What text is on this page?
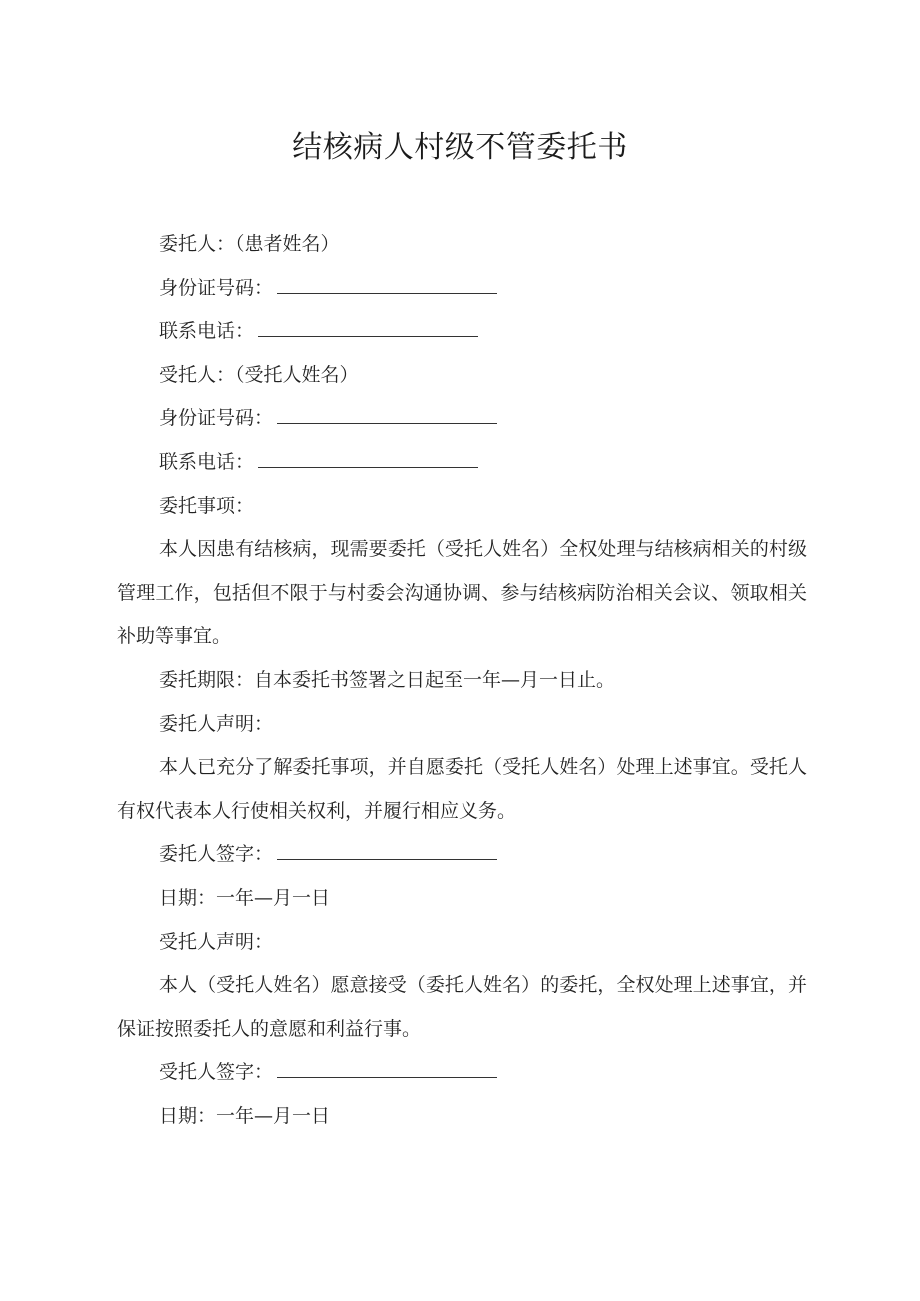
结核病人村级不管委托书

委托人：（患者姓名）

身份证号码：

联系电话：

受托人：（受托人姓名）

身份证号码：

联系电话：

委托事项：

本人因患有结核病，现需要委托（受托人姓名）全权处理与结核病相关的村级管理工作，包括但不限于与村委会沟通协调、参与结核病防治相关会议、领取相关补助等事宜。

委托期限：自本委托书签署之日起至一年—月一日止。

委托人声明：

本人已充分了解委托事项，并自愿委托（受托人姓名）处理上述事宜。受托人有权代表本人行使相关权利，并履行相应义务。

委托人签字：

日期：一年—月一日

受托人声明：

本人（受托人姓名）愿意接受（委托人姓名）的委托，全权处理上述事宜，并保证按照委托人的意愿和利益行事。

受托人签字：

日期：一年—月一日
